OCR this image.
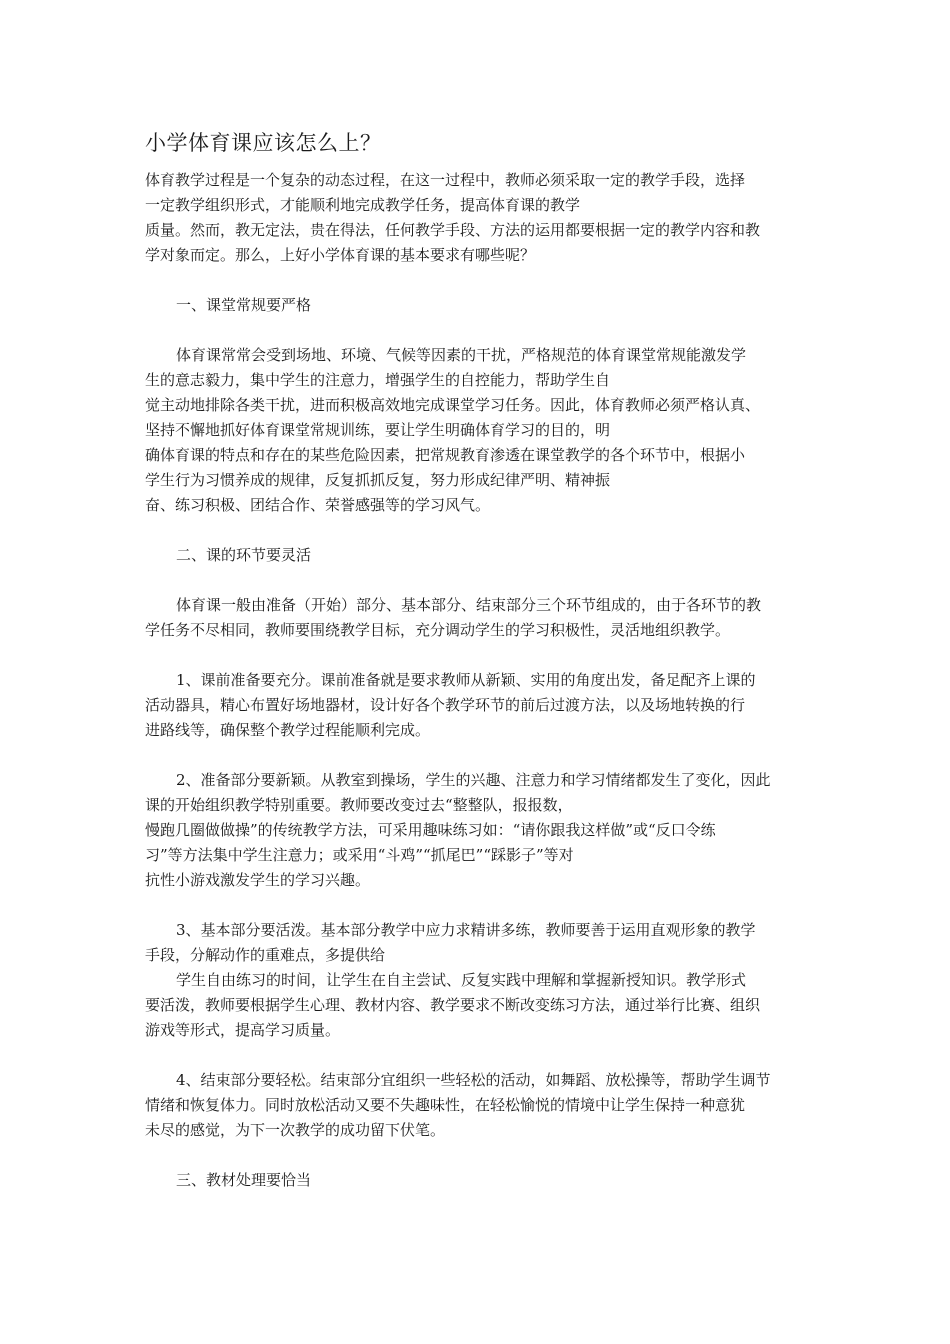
小学体育课应该怎么上？

体育教学过程是一个复杂的动态过程，在这一过程中，教师必须采取一定的教学手段，选择
一定教学组织形式，才能顺利地完成教学任务，提高体育课的教学
质量。然而，教无定法，贵在得法，任何教学手段、方法的运用都要根据一定的教学内容和教
学对象而定。那么，上好小学体育课的基本要求有哪些呢？

一、课堂常规要严格

体育课常常会受到场地、环境、气候等因素的干扰，严格规范的体育课堂常规能激发学
生的意志毅力，集中学生的注意力，增强学生的自控能力，帮助学生自
觉主动地排除各类干扰，进而积极高效地完成课堂学习任务。因此，体育教师必须严格认真、
坚持不懈地抓好体育课堂常规训练，要让学生明确体育学习的目的，明
确体育课的特点和存在的某些危险因素，把常规教育渗透在课堂教学的各个环节中，根据小
学生行为习惯养成的规律，反复抓抓反复，努力形成纪律严明、精神振
奋、练习积极、团结合作、荣誉感强等的学习风气。

二、课的环节要灵活

体育课一般由准备（开始）部分、基本部分、结束部分三个环节组成的，由于各环节的教
学任务不尽相同，教师要围绕教学目标，充分调动学生的学习积极性，灵活地组织教学。

1、课前准备要充分。课前准备就是要求教师从新颖、实用的角度出发，备足配齐上课的
活动器具，精心布置好场地器材，设计好各个教学环节的前后过渡方法，以及场地转换的行
进路线等，确保整个教学过程能顺利完成。

2、准备部分要新颖。从教室到操场，学生的兴趣、注意力和学习情绪都发生了变化，因此
课的开始组织教学特别重要。教师要改变过去“整整队，报报数，
慢跑几圈做做操”的传统教学方法，可采用趣味练习如：“请你跟我这样做”或“反口令练
习”等方法集中学生注意力；或采用“斗鸡”“抓尾巴”“踩影子”等对
抗性小游戏激发学生的学习兴趣。

3、基本部分要活泼。基本部分教学中应力求精讲多练，教师要善于运用直观形象的教学
手段，分解动作的重难点，多提供给
学生自由练习的时间，让学生在自主尝试、反复实践中理解和掌握新授知识。教学形式
要活泼，教师要根据学生心理、教材内容、教学要求不断改变练习方法，通过举行比赛、组织
游戏等形式，提高学习质量。

4、结束部分要轻松。结束部分宜组织一些轻松的活动，如舞蹈、放松操等，帮助学生调节
情绪和恢复体力。同时放松活动又要不失趣味性，在轻松愉悦的情境中让学生保持一种意犹
未尽的感觉，为下一次教学的成功留下伏笔。

三、教材处理要恰当
